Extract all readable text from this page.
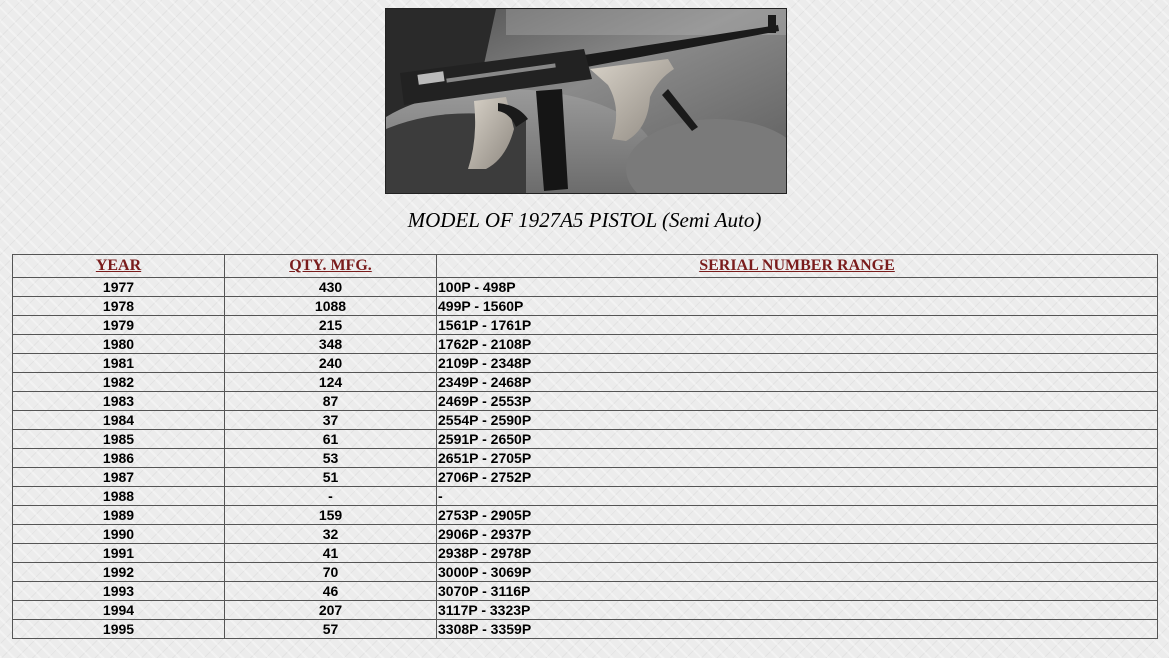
MODEL OF 1927A5 PISTOL (Semi Auto)
YEAR	QTY. MFG.	SERIAL NUMBER RANGE
1977	430	100P - 498P
1978	1088	499P - 1560P
1979	215	1561P - 1761P
1980	348	1762P - 2108P
1981	240	2109P - 2348P
1982	124	2349P - 2468P
1983	87	2469P - 2553P
1984	37	2554P - 2590P
1985	61	2591P - 2650P
1986	53	2651P - 2705P
1987	51	2706P - 2752P
1988	-	-
1989	159	2753P - 2905P
1990	32	2906P - 2937P
1991	41	2938P - 2978P
1992	70	3000P - 3069P
1993	46	3070P - 3116P
1994	207	3117P - 3323P
1995	57	3308P - 3359P
